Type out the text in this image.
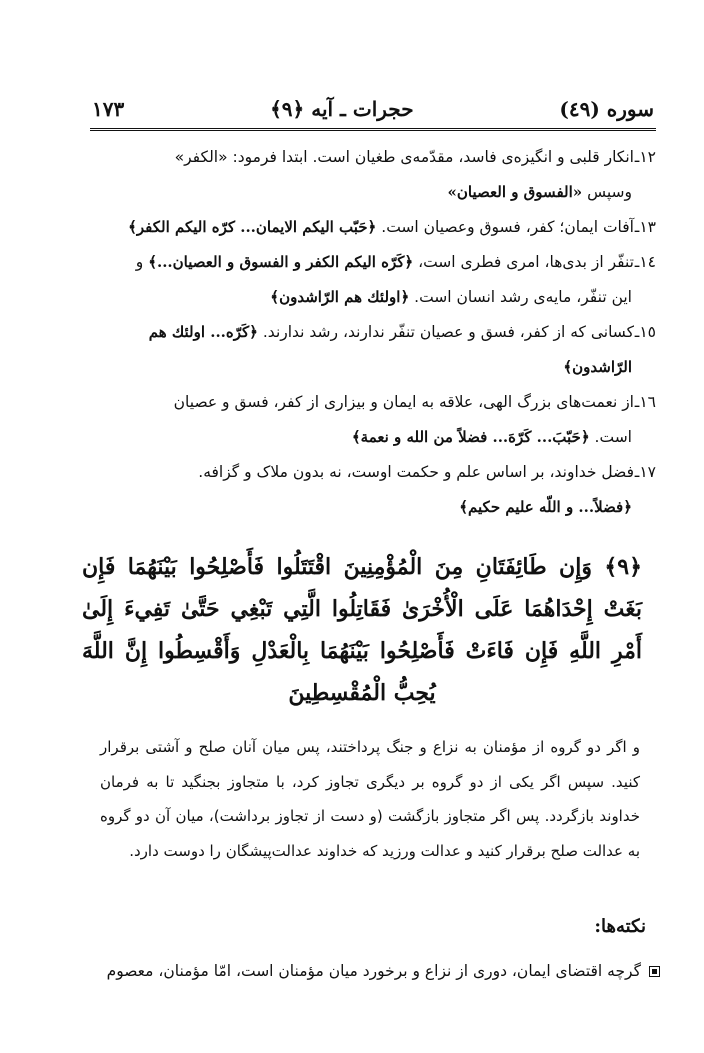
سوره (٤٩)
حجرات ـ آیه ﴿٩﴾
١٧٣
١٢ـانكار قلبى و انگيزه‌ى فاسد، مقدّمه‌ى طغيان است. ابتدا فرمود: «الكفر»
وسپس «الفسوق و العصيان»
١٣ـآفات ايمان؛ كفر، فسوق وعصيان است. ﴿حَبّب اليكم الايمان... كرّه اليكم الكفر﴾
١٤ـتنفّر از بدى‌ها، امرى فطرى است، ﴿كَرّه اليكم الكفر و الفسوق و العصيان...﴾ و
اين تنفّر، مايه‌ى رشد انسان است. ﴿اولئك هم الرّاشدون﴾
١٥ـكسانى كه از كفر، فسق و عصيان تنفّر ندارند، رشد ندارند. ﴿كَرّه... اولئك هم
الرّاشدون﴾
١٦ـاز نعمت‌هاى بزرگ الهى، علاقه به ايمان و بيزارى از كفر، فسق و عصيان
است. ﴿حَبّبَ... كَرّهَ... فضلاً من الله و نعمة﴾
١٧ـفضل خداوند، بر اساس علم و حكمت اوست، نه بدون ملاک و گزافه.
﴿فضلاً... و اللّه عليم حكيم﴾
﴿٩﴾ وَإِن طَائِفَتَانِ مِنَ الْمُؤْمِنِينَ اقْتَتَلُوا فَأَصْلِحُوا بَيْنَهُمَا فَإِن بَغَتْ إِحْدَاهُمَا عَلَى الْأُخْرَىٰ فَقَاتِلُوا الَّتِي تَبْغِي حَتَّىٰ تَفِيءَ إِلَىٰ أَمْرِ اللَّهِ فَإِن فَاءَتْ فَأَصْلِحُوا بَيْنَهُمَا بِالْعَدْلِ وَأَقْسِطُوا إِنَّ اللَّهَ يُحِبُّ الْمُقْسِطِينَ
و اگر دو گروه از مؤمنان به نزاع و جنگ پرداختند، پس ميان آنان صلح و آشتى برقرار كنيد. سپس اگر يكى از دو گروه بر ديگرى تجاوز كرد، با متجاوز بجنگيد تا به فرمان خداوند بازگردد. پس اگر متجاوز بازگشت (و دست از تجاوز برداشت)، ميان آن دو گروه به عدالت صلح برقرار كنيد و عدالت ورزيد كه خداوند عدالت‌پيشگان را دوست دارد.
نكته‌ها:
گرچه اقتضاى ايمان، دورى از نزاع و برخورد ميان مؤمنان است، امّا مؤمنان، معصوم
